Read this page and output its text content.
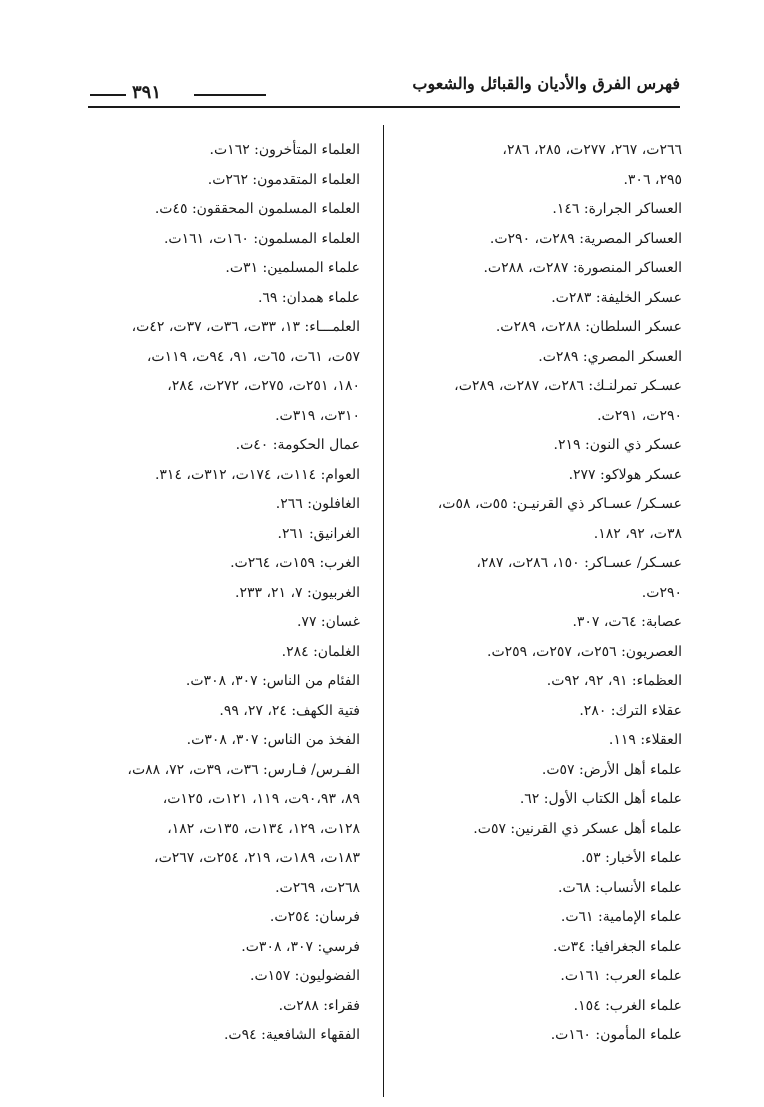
فهرس الفرق والأديان والقبائل والشعوب
٣٩١
٢٦٦ت، ٢٦٧، ٢٧٧ت، ٢٨٥، ٢٨٦،
٢٩٥، ٣٠٦.
العساكر الجرارة: ١٤٦.
العساكر المصرية: ٢٨٩ت، ٢٩٠ت.
العساكر المنصورة: ٢٨٧ت، ٢٨٨ت.
عسكر الخليفة: ٢٨٣ت.
عسكر السلطان: ٢٨٨ت، ٢٨٩ت.
العسكر المصري: ٢٨٩ت.
عسـكر تمرلنـك: ٢٨٦ت، ٢٨٧ت، ٢٨٩ت،
٢٩٠ت، ٢٩١ت.
عسكر ذي النون: ٢١٩.
عسكر هولاكو: ٢٧٧.
عسـكر/ عسـاكر ذي القرنيـن: ٥٥ت، ٥٨ت،
٣٨ت، ٩٢، ١٨٢.
عسـكر/ عسـاكر: ١٥٠، ٢٨٦ت، ٢٨٧،
٢٩٠ت.
عصابة: ٦٤ت، ٣٠٧.
العصريون: ٢٥٦ت، ٢٥٧ت، ٢٥٩ت.
العظماء: ٩١، ٩٢، ٩٢ت.
عقلاء الترك: ٢٨٠.
العقلاء: ١١٩.
علماء أهل الأرض: ٥٧ت.
علماء أهل الكتاب الأول: ٦٢.
علماء أهل عسكر ذي القرنين: ٥٧ت.
علماء الأخبار: ٥٣.
علماء الأنساب: ٦٨ت.
علماء الإمامية: ٦١ت.
علماء الجغرافيا: ٣٤ت.
علماء العرب: ١٦١ت.
علماء الغرب: ١٥٤.
علماء المأمون: ١٦٠ت.
العلماء المتأخرون: ١٦٢ت.
العلماء المتقدمون: ٢٦٢ت.
العلماء المسلمون المحققون: ٤٥ت.
العلماء المسلمون: ١٦٠ت، ١٦١ت.
علماء المسلمين: ٣١ت.
علماء همدان: ٦٩.
العلمـــاء: ١٣، ٣٣ت، ٣٦ت، ٣٧ت، ٤٢ت،
٥٧ت، ٦١ت، ٦٥ت، ٩١، ٩٤ت، ١١٩ت،
١٨٠، ٢٥١ت، ٢٧٥ت، ٢٧٢ت، ٢٨٤،
٣١٠ت، ٣١٩ت.
عمال الحكومة: ٤٠ت.
العوام: ١١٤ت، ١٧٤ت، ٣١٢ت، ٣١٤.
الغافلون: ٢٦٦.
الغرانيق: ٢٦١.
الغرب: ١٥٩ت، ٢٦٤ت.
الغربيون: ٧، ٢١، ٢٣٣.
غسان: ٧٧.
الغلمان: ٢٨٤.
الفئام من الناس: ٣٠٧، ٣٠٨ت.
فتية الكهف: ٢٤، ٢٧، ٩٩.
الفخذ من الناس: ٣٠٧، ٣٠٨ت.
الفـرس/ فـارس: ٣٦ت، ٣٩ت، ٧٢، ٨٨ت،
٨٩، ٩٠،٩٣ت، ١١٩، ١٢١ت، ١٢٥ت،
١٢٨ت، ١٢٩، ١٣٤ت، ١٣٥ت، ١٨٢،
١٨٣ت، ١٨٩ت، ٢١٩، ٢٥٤ت، ٢٦٧ت،
٢٦٨ت، ٢٦٩ت.
فرسان: ٢٥٤ت.
فرسي: ٣٠٧، ٣٠٨ت.
الفضوليون: ١٥٧ت.
فقراء: ٢٨٨ت.
الفقهاء الشافعية: ٩٤ت.
